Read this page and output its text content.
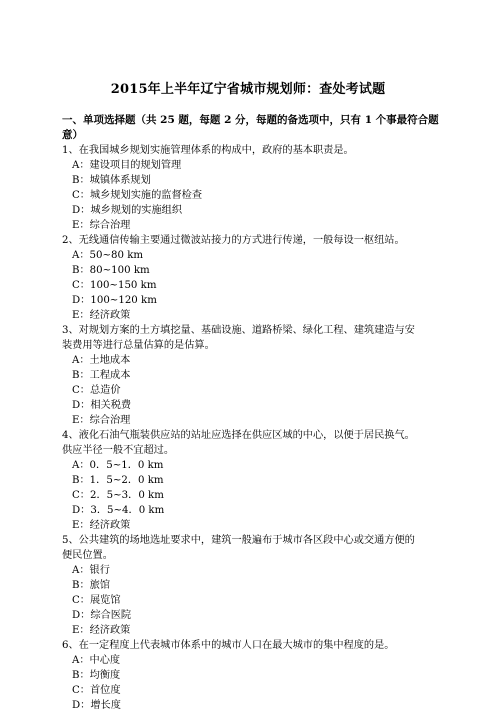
2015年上半年辽宁省城市规划师：查处考试题
一、单项选择题（共 25 题，每题 2 分，每题的备选项中，只有 1 个事最符合题
意）
1、在我国城乡规划实施管理体系的构成中，政府的基本职责是。
A：建设项目的规划管理
B：城镇体系规划
C：城乡规划实施的监督检查
D：城乡规划的实施组织
E：综合治理
2、无线通信传输主要通过微波站接力的方式进行传递，一般每设一枢纽站。
A：50~80 km
B：80~100 km
C：100~150 km
D：100~120 km
E：经济政策
3、对规划方案的土方填挖量、基础设施、道路桥梁、绿化工程、建筑建造与安
装费用等进行总量估算的是估算。
A：土地成本
B：工程成本
C：总造价
D：相关税费
E：综合治理
4、液化石油气瓶装供应站的站址应选择在供应区域的中心，以便于居民换气。
供应半径一般不宜超过。
A：0．5~1．0 km
B：1．5~2．0 km
C：2．5~3．0 km
D：3．5~4．0 km
E：经济政策
5、公共建筑的场地选址要求中，建筑一般遍布于城市各区段中心或交通方便的
便民位置。
A：银行
B：旅馆
C：展览馆
D：综合医院
E：经济政策
6、在一定程度上代表城市体系中的城市人口在最大城市的集中程度的是。
A：中心度
B：均衡度
C：首位度
D：增长度
